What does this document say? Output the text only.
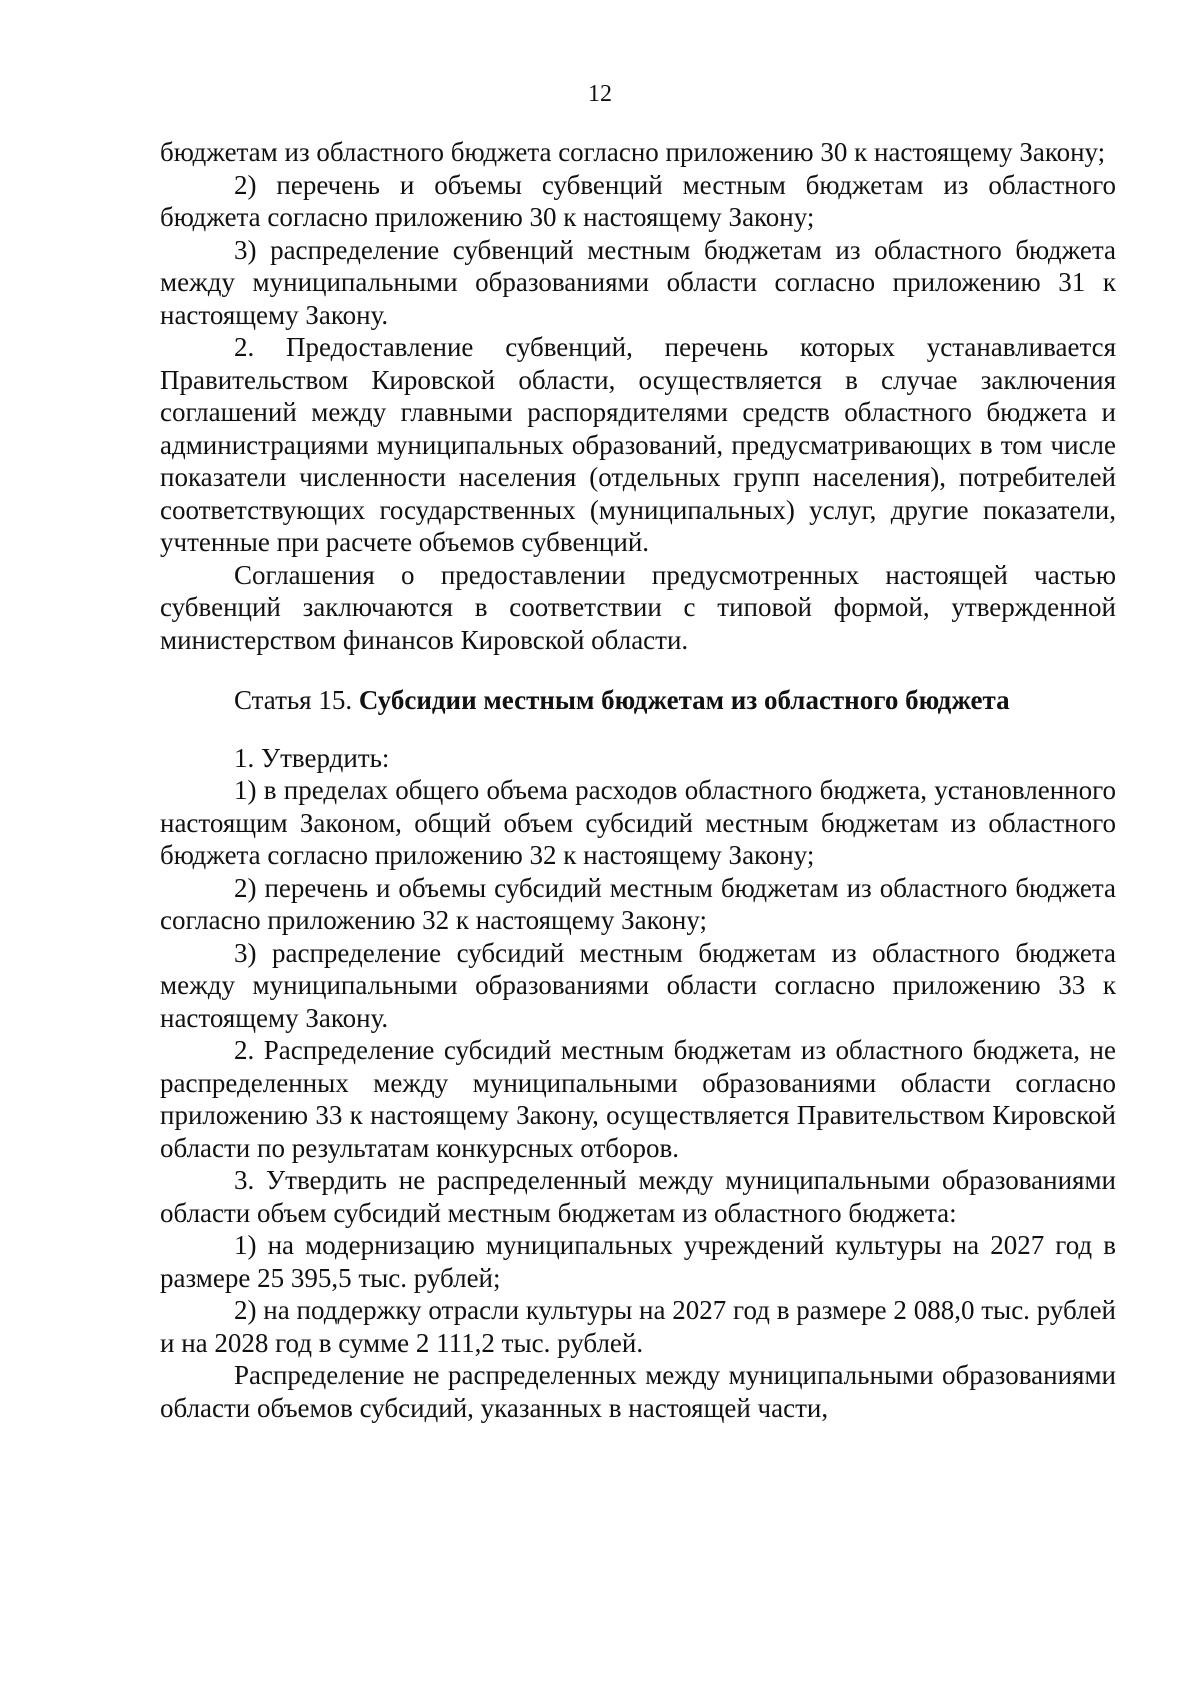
12

бюджетам из областного бюджета согласно приложению 30 к настоящему Закону;

2) перечень и объемы субвенций местным бюджетам из областного бюджета согласно приложению 30 к настоящему Закону;

3) распределение субвенций местным бюджетам из областного бюджета между муниципальными образованиями области согласно приложению 31 к настоящему Закону.

2. Предоставление субвенций, перечень которых устанавливается Правительством Кировской области, осуществляется в случае заключения соглашений между главными распорядителями средств областного бюджета и администрациями муниципальных образований, предусматривающих в том числе показатели численности населения (отдельных групп населения), потребителей соответствующих государственных (муниципальных) услуг, другие показатели, учтенные при расчете объемов субвенций.

Соглашения о предоставлении предусмотренных настоящей частью субвенций заключаются в соответствии с типовой формой, утвержденной министерством финансов Кировской области.

Статья 15. Субсидии местным бюджетам из областного бюджета

1. Утвердить:

1) в пределах общего объема расходов областного бюджета, установленного настоящим Законом, общий объем субсидий местным бюджетам из областного бюджета согласно приложению 32 к настоящему Закону;

2) перечень и объемы субсидий местным бюджетам из областного бюджета согласно приложению 32 к настоящему Закону;

3) распределение субсидий местным бюджетам из областного бюджета между муниципальными образованиями области согласно приложению 33 к настоящему Закону.

2. Распределение субсидий местным бюджетам из областного бюджета, не распределенных между муниципальными образованиями области согласно приложению 33 к настоящему Закону, осуществляется Правительством Кировской области по результатам конкурсных отборов.

3. Утвердить не распределенный между муниципальными образованиями области объем субсидий местным бюджетам из областного бюджета:

1) на модернизацию муниципальных учреждений культуры на 2027 год в размере 25 395,5 тыс. рублей;

2) на поддержку отрасли культуры на 2027 год в размере 2 088,0 тыс. рублей и на 2028 год в сумме 2 111,2 тыс. рублей.

Распределение не распределенных между муниципальными образованиями области объемов субсидий, указанных в настоящей части,
